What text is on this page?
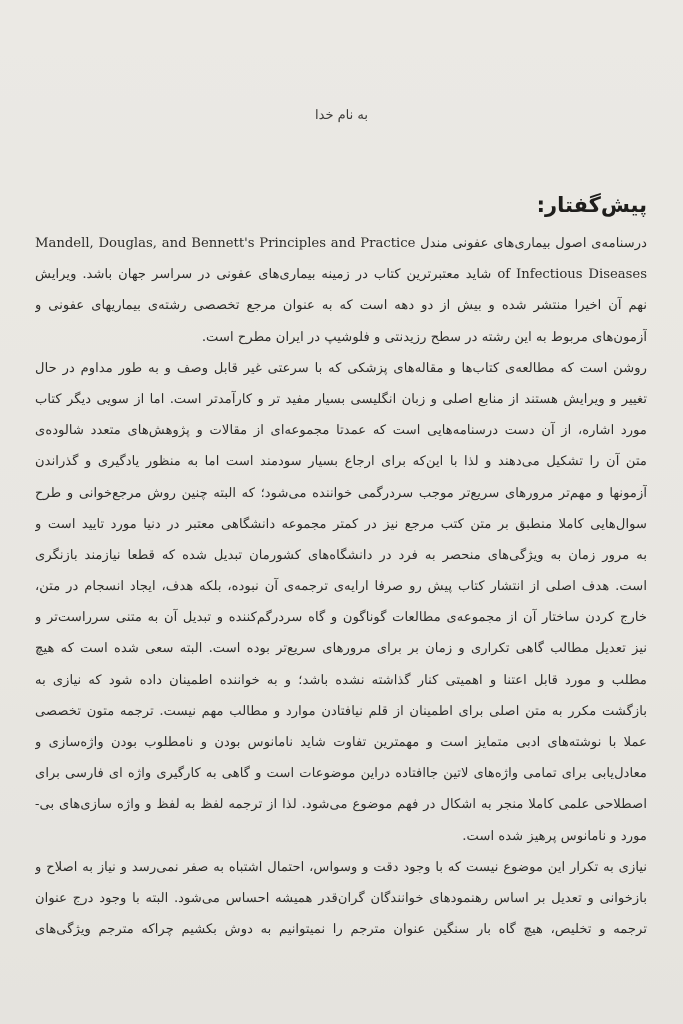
به نام خدا
پیش‌گفتار:
درسنامه‌ی اصول بیماری‌های عفونی مندل Mandell, Douglas, and Bennett's Principles and Practice
of Infectious Diseases شاید معتبرترین کتاب در زمینه بیماری‌های عفونی در سراسر جهان باشد. ویرایش
نهم آن اخیرا منتشر شده و بیش از دو دهه است که به عنوان مرجع تخصصی رشته‌ی بیماریهای عفونی و
آزمون‌های مربوط به این رشته در سطح رزیدنتی و فلوشیپ در ایران مطرح است.
روشن است که مطالعه‌ی کتاب‌ها و مقاله‌های پزشکی که با سرعتی غیر قابل وصف و به طور مداوم در حال
تغییر و ویرایش هستند از منابع اصلی و زبان انگلیسی بسیار مفید تر و کارآمدتر است. اما از سویی دیگر کتاب
مورد اشاره، از آن دست درسنامه‌هایی است که عمدتا مجموعه‌ای از مقالات و پژوهش‌های متعدد شالوده‌ی
متن آن را تشکیل می‌دهند و لذا با این‌که برای ارجاع بسیار سودمند است اما به منظور یادگیری و گذراندن
آزمونها و مهم‌تر مرورهای سریع‌تر موجب سردرگمی خواننده می‌شود؛ که البته چنین روش مرجع‌خوانی و طرح
سوال‌هایی کاملا منطبق بر متن کتب مرجع نیز در کمتر مجموعه دانشگاهی معتبر در دنیا مورد تایید است و
به مرور زمان به ویژگی‌های منحصر به فرد در دانشگاه‌های کشورمان تبدیل شده که قطعا نیازمند بازنگری
است. هدف اصلی از انتشار کتاب پیش رو صرفا ارایه‌ی ترجمه‌ی آن نبوده، بلکه هدف، ایجاد انسجام در متن،
خارج کردن ساختار آن از مجموعه‌ی مطالعات گوناگون و گاه سردرگم‌کننده و تبدیل آن به متنی سرراست‌تر و
نیز تعدیل مطالب گاهی تکراری و زمان بر برای مرورهای سریع‌تر بوده است. البته سعی شده است که هیچ
مطلب و مورد قابل اعتنا و اهمیتی کنار گذاشته نشده باشد؛ و به خواننده اطمینان داده شود که نیازی به
بازگشت مکرر به متن اصلی برای اطمینان از قلم نیافتادن موارد و مطالب مهم نیست. ترجمه متون تخصصی
عملا با نوشته‌های ادبی متمایز است و مهمترین تفاوت شاید نامانوس بودن و نامطلوب بودن واژه‌سازی و
معادل‌یابی برای تمامی واژه‌های لاتین جاافتاده دراین موضوعات است و گاهی به کارگیری واژه ای فارسی برای
اصطلاحی علمی کاملا منجر به اشکال در فهم موضوع می‌شود. لذا از ترجمه لفظ به لفظ و واژه سازی‌های بی-
مورد و نامانوس پرهیز شده است.
نیازی به تکرار این موضوع نیست که با وجود دقت و وسواس، احتمال اشتباه به صفر نمی‌رسد و نیاز به اصلاح و
بازخوانی و تعدیل بر اساس رهنمودهای خوانندگان گران‌قدر همیشه احساس می‌شود. البته با وجود درج عنوان
ترجمه و تخلیص، هیچ گاه بار سنگین عنوان مترجم را نمیتوانیم به دوش بکشیم چراکه مترجم ویژگی‌های
